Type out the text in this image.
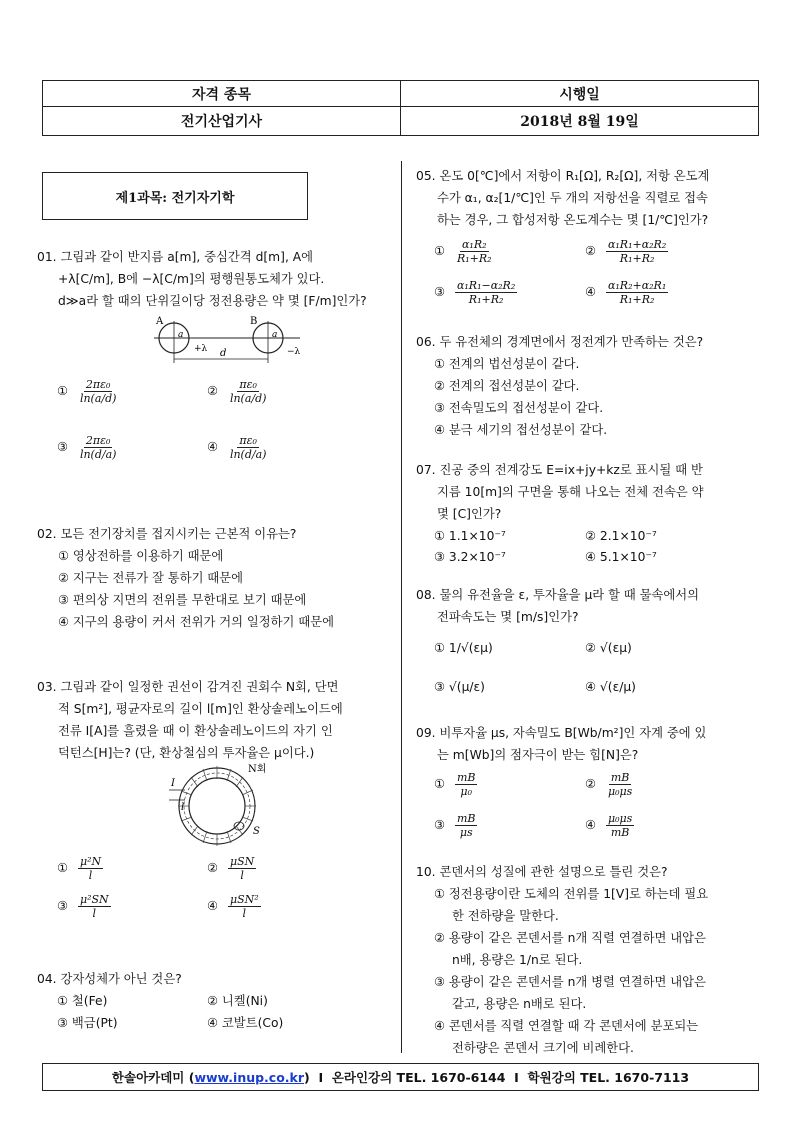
자격 종목	시행일
전기산업기사	2018년 8월 19일
제1과목: 전기자기학
01. 그림과 같이 반지름 a[m], 중심간격 d[m], A에
+λ[C/m], B에 −λ[C/m]의 평행원통도체가 있다.
d≫a라 할 때의 단위길이당 정전용량은 약 몇 [F/m]인가?
A	B
a	a
+λ	−λ
d
① $\frac{\text{2πε₀}}{\ln(a/d)}$	② $\frac{\text{πε₀}}{\ln(a/d)}$
③ $\frac{\text{2πε₀}}{\ln(d/a)}$	④ $\frac{\text{πε₀}}{\ln(d/a)}$
02. 모든 전기장치를 접지시키는 근본적 이유는?
① 영상전하를 이용하기 때문에
② 지구는 전류가 잘 통하기 때문에
③ 편의상 지면의 전위를 무한대로 보기 때문에
④ 지구의 용량이 커서 전위가 거의 일정하기 때문에
03. 그림과 같이 일정한 권선이 감겨진 권회수 N회, 단면
적 S[m²], 평균자로의 길이 l[m]인 환상솔레노이드에
전류 I[A]를 흘렸을 때 이 환상솔레노이드의 자기 인
덕턴스[H]는? (단, 환상철심의 투자율은 μ이다.)
N회
I
l
S
① $\frac{\text{μ²N}}{l}$	② $\frac{\text{μSN}}{l}$
③ $\frac{\text{μ²SN}}{l}$	④ $\frac{\text{μSN²}}{l}$
04. 강자성체가 아닌 것은?
① 철(Fe)	② 니켈(Ni)
③ 백금(Pt)	④ 코발트(Co)
05. 온도 0[℃]에서 저항이 R₁[Ω], R₂[Ω], 저항 온도계
수가 α₁, α₂[1/℃]인 두 개의 저항선을 직렬로 접속
하는 경우, 그 합성저항 온도계수는 몇 [1/℃]인가?
① $\frac{\text{α₁R₂}}{\text{R₁+R₂}}$	② $\frac{\text{α₁R₁+α₂R₂}}{\text{R₁+R₂}}$
③ $\frac{\text{α₁R₁−α₂R₂}}{\text{R₁+R₂}}$	④ $\frac{\text{α₁R₂+α₂R₁}}{\text{R₁+R₂}}$
06. 두 유전체의 경계면에서 정전계가 만족하는 것은?
① 전계의 법선성분이 같다.
② 전계의 접선성분이 같다.
③ 전속밀도의 접선성분이 같다.
④ 분극 세기의 접선성분이 같다.
07. 진공 중의 전계강도 E=ix+jy+kz로 표시될 때 반
지름 10[m]의 구면을 통해 나오는 전체 전속은 약
몇 [C]인가?
① 1.1×10⁻⁷	② 2.1×10⁻⁷
③ 3.2×10⁻⁷	④ 5.1×10⁻⁷
08. 물의 유전율을 ε, 투자율을 μ라 할 때 물속에서의
전파속도는 몇 [m/s]인가?
① 1/√(εμ)	② √(εμ)
③ √(μ/ε)	④ √(ε/μ)
09. 비투자율 μs, 자속밀도 B[Wb/m²]인 자계 중에 있
는 m[Wb]의 점자극이 받는 힘[N]은?
① $\frac{mB}{\text{μ₀}}$	② $\frac{mB}{\text{μ₀μs}}$
③ $\frac{mB}{\mu s}$	④ $\frac{\text{μ₀μs}}{mB}$
10. 콘덴서의 성질에 관한 설명으로 틀린 것은?
① 정전용량이란 도체의 전위를 1[V]로 하는데 필요
한 전하량을 말한다.
② 용량이 같은 콘덴서를 n개 직렬 연결하면 내압은
n배, 용량은 1/n로 된다.
③ 용량이 같은 콘덴서를 n개 병렬 연결하면 내압은
같고, 용량은 n배로 된다.
④ 콘덴서를 직렬 연결할 때 각 콘덴서에 분포되는
전하량은 콘덴서 크기에 비례한다.
한솔아카데미 ( www.inup.co.kr )  I  온라인강의 TEL. 1670-6144  I  학원강의 TEL. 1670-7113
